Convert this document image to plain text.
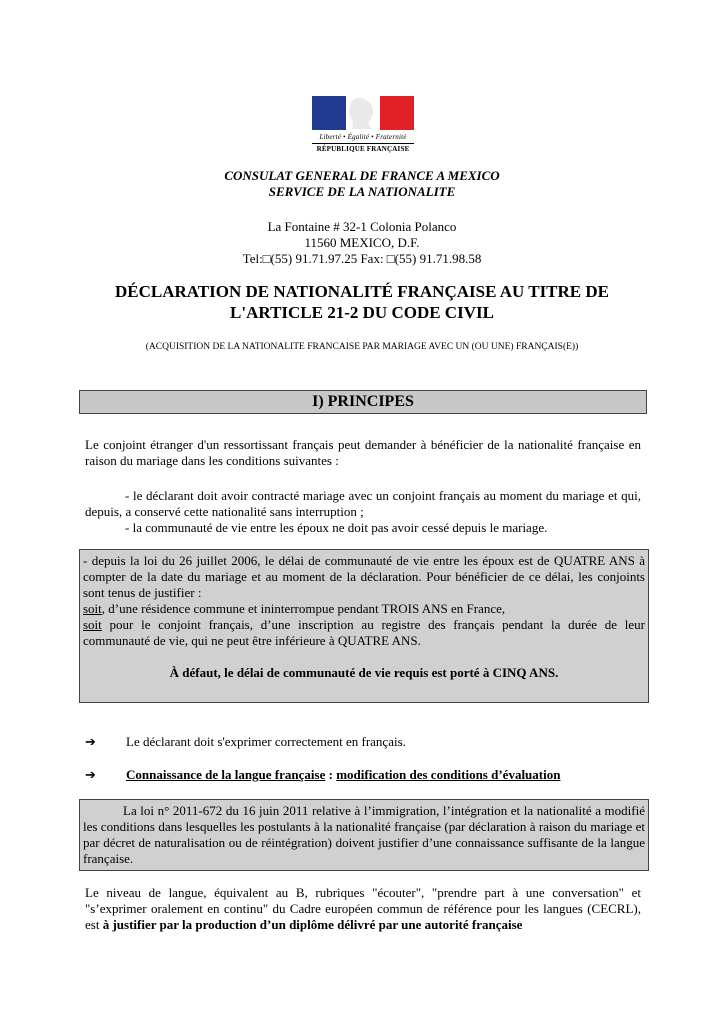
Liberté • Égalité • Fraternité
RÉPUBLIQUE FRANÇAISE
CONSULAT GENERAL DE FRANCE A MEXICO
SERVICE DE LA NATIONALITE
La Fontaine # 32-1 Colonia Polanco
11560 MEXICO, D.F.
Tel:□(55) 91.71.97.25 Fax: □(55) 91.71.98.58
DÉCLARATION DE NATIONALITÉ FRANÇAISE AU TITRE DE
L'ARTICLE 21-2 DU CODE CIVIL
(ACQUISITION DE LA NATIONALITE FRANCAISE PAR MARIAGE AVEC UN (OU UNE) FRANÇAIS(E))
I) PRINCIPES
Le conjoint étranger d'un ressortissant français peut demander à bénéficier de la nationalité française en raison du mariage dans les conditions suivantes :
- le déclarant doit avoir contracté mariage avec un conjoint français au moment du mariage et qui, depuis, a conservé cette nationalité sans interruption ;
- la communauté de vie entre les époux ne doit pas avoir cessé depuis le mariage.
- depuis la loi du 26 juillet 2006, le délai de communauté de vie entre les époux est de QUATRE ANS à compter de la date du mariage et au moment de la déclaration. Pour bénéficier de ce délai, les conjoints sont tenus de justifier :
soit, d’une résidence commune et ininterrompue pendant TROIS ANS en France,
soit pour le conjoint français, d’une inscription au registre des français pendant la durée de leur communauté de vie, qui ne peut être inférieure à QUATRE ANS.
À défaut, le délai de communauté de vie requis est porté à CINQ ANS.
➔ Le déclarant doit s'exprimer correctement en français.
➔ Connaissance de la langue française : modification des conditions d’évaluation
La loi n° 2011-672 du 16 juin 2011 relative à l’immigration, l’intégration et la nationalité a modifié les conditions dans lesquelles les postulants à la nationalité française (par déclaration à raison du mariage et par décret de naturalisation ou de réintégration) doivent justifier d’une connaissance suffisante de la langue française.
Le niveau de langue, équivalent au B, rubriques "écouter", "prendre part à une conversation" et "s’exprimer oralement en continu" du Cadre européen commun de référence pour les langues (CECRL), est à justifier par la production d’un diplôme délivré par une autorité française
